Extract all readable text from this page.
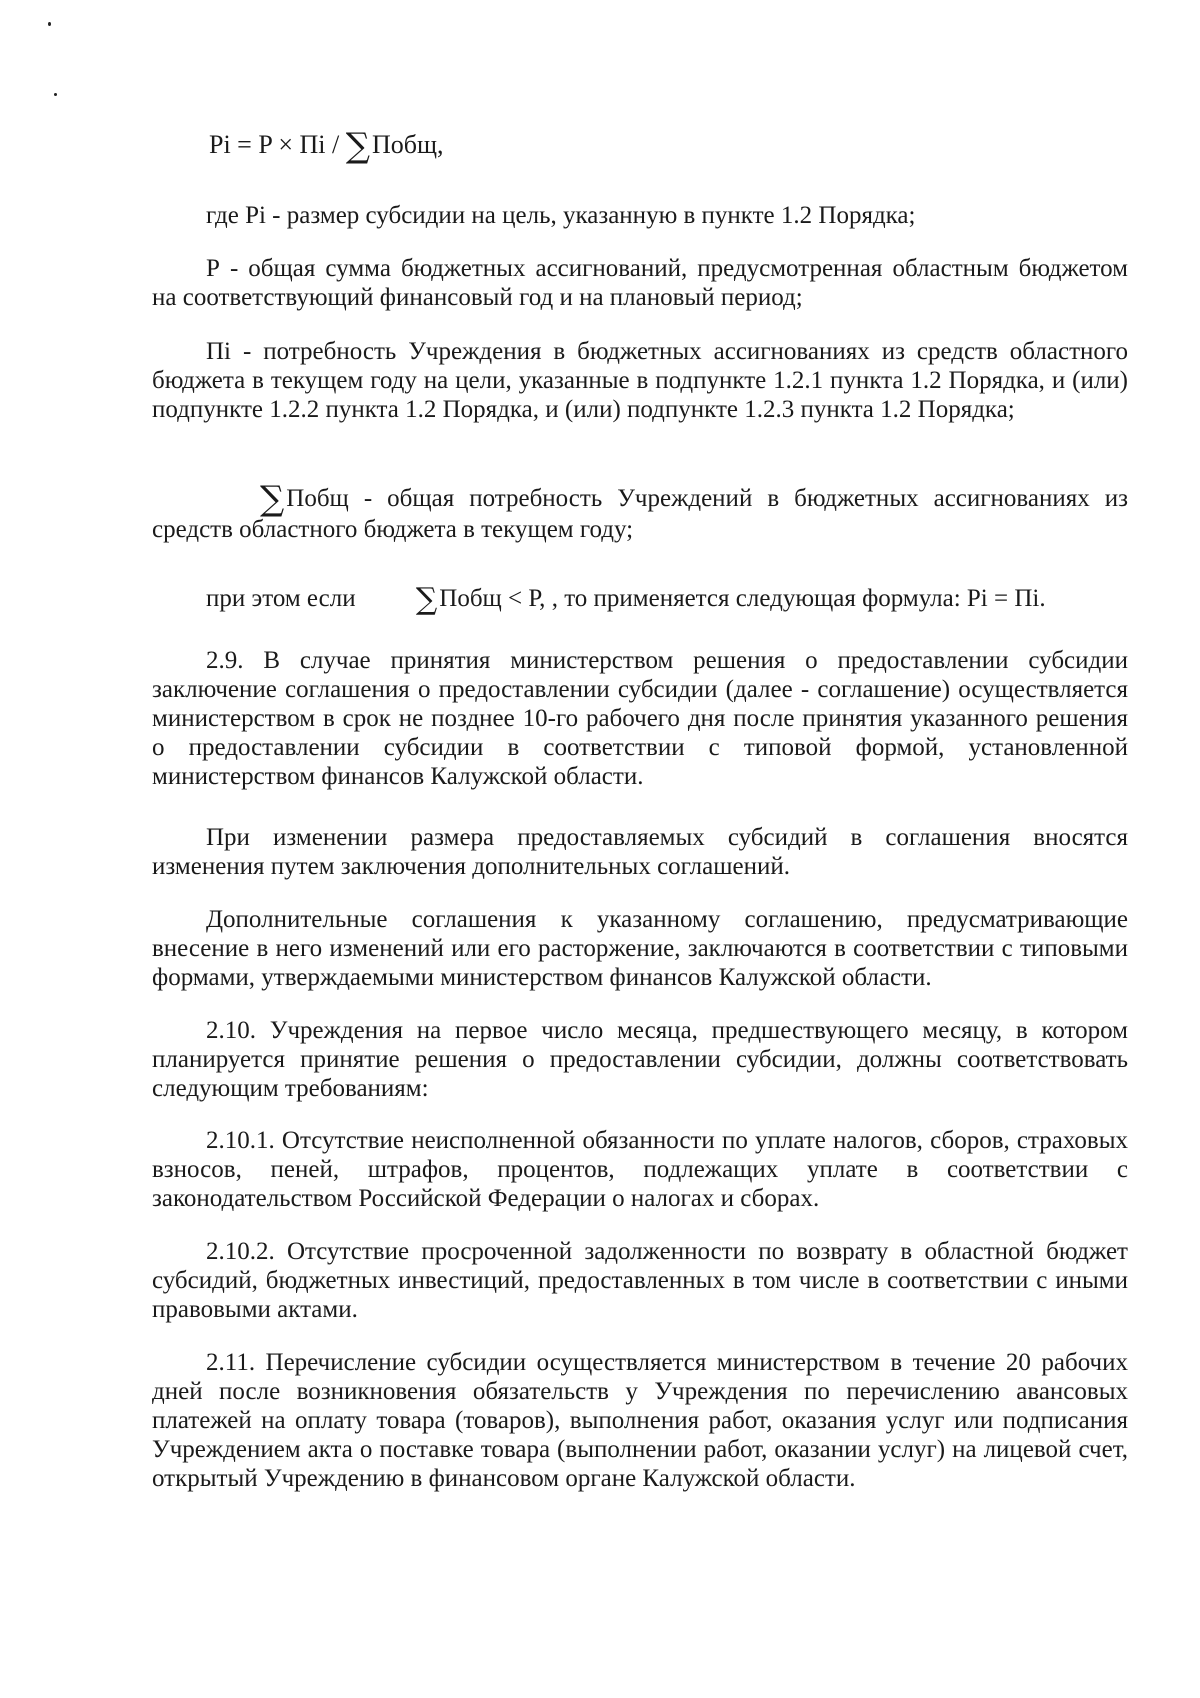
Pi = P × Пi / ∑Побщ,
где Pi - размер субсидии на цель, указанную в пункте 1.2 Порядка;
Р - общая сумма бюджетных ассигнований, предусмотренная областным бюджетом на соответствующий финансовый год и на плановый период;
Пi - потребность Учреждения в бюджетных ассигнованиях из средств областного бюджета в текущем году на цели, указанные в подпункте 1.2.1 пункта 1.2 Порядка, и (или) подпункте 1.2.2 пункта 1.2 Порядка, и (или) подпункте 1.2.3 пункта 1.2 Порядка;
∑Побщ - общая потребность Учреждений в бюджетных ассигнованиях из средств областного бюджета в текущем году;
при этом если ∑Побщ < Р, , то применяется следующая формула: Pi = Пi.
2.9. В случае принятия министерством решения о предоставлении субсидии заключение соглашения о предоставлении субсидии (далее - соглашение) осуществляется министерством в срок не позднее 10-го рабочего дня после принятия указанного решения о предоставлении субсидии в соответствии с типовой формой, установленной министерством финансов Калужской области.
При изменении размера предоставляемых субсидий в соглашения вносятся изменения путем заключения дополнительных соглашений.
Дополнительные соглашения к указанному соглашению, предусматривающие внесение в него изменений или его расторжение, заключаются в соответствии с типовыми формами, утверждаемыми министерством финансов Калужской области.
2.10. Учреждения на первое число месяца, предшествующего месяцу, в котором планируется принятие решения о предоставлении субсидии, должны соответствовать следующим требованиям:
2.10.1. Отсутствие неисполненной обязанности по уплате налогов, сборов, страховых взносов, пеней, штрафов, процентов, подлежащих уплате в соответствии с законодательством Российской Федерации о налогах и сборах.
2.10.2. Отсутствие просроченной задолженности по возврату в областной бюджет субсидий, бюджетных инвестиций, предоставленных в том числе в соответствии с иными правовыми актами.
2.11. Перечисление субсидии осуществляется министерством в течение 20 рабочих дней после возникновения обязательств у Учреждения по перечислению авансовых платежей на оплату товара (товаров), выполнения работ, оказания услуг или подписания Учреждением акта о поставке товара (выполнении работ, оказании услуг) на лицевой счет, открытый Учреждению в финансовом органе Калужской области.
